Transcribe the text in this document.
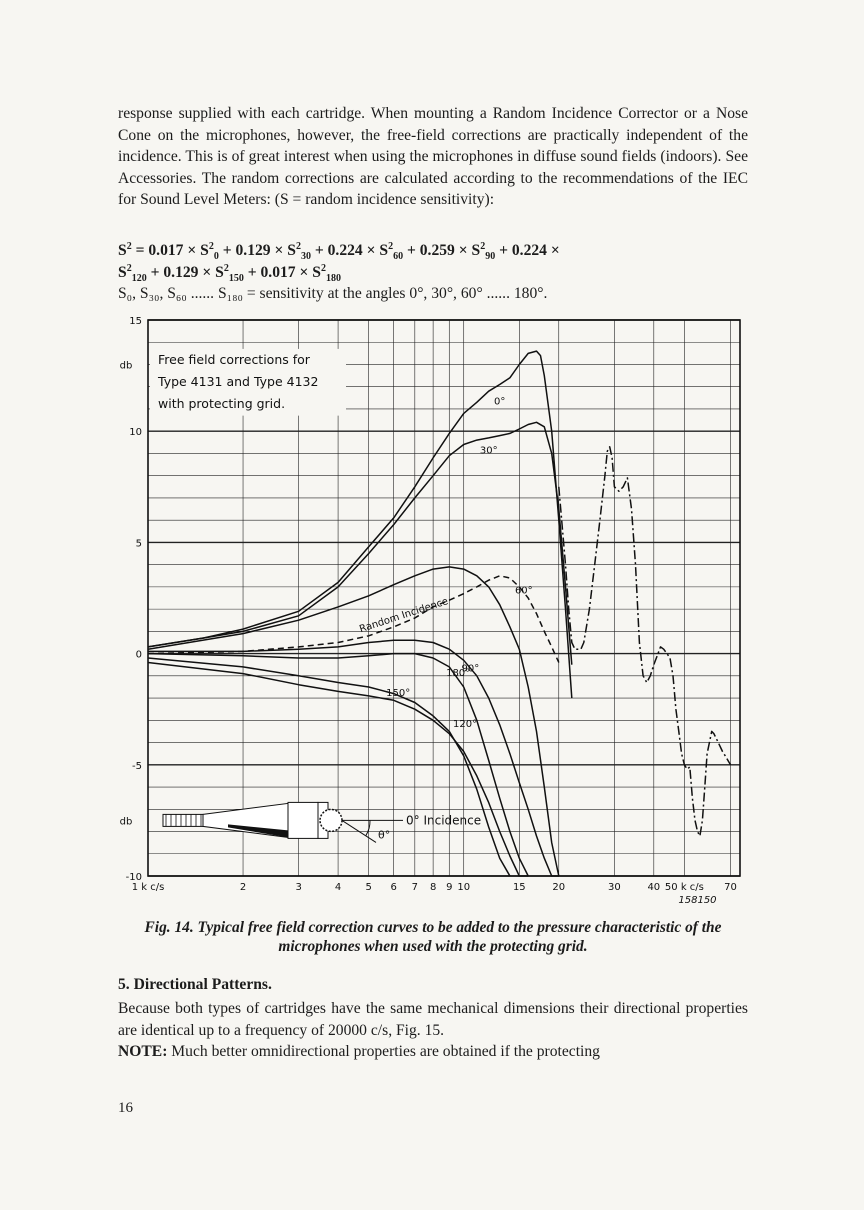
response supplied with each cartridge. When mounting a Random Incidence Corrector or a Nose Cone on the microphones, however, the free-field corrections are practically independent of the incidence. This is of great interest when using the microphones in diffuse sound fields (indoors). See Accessories. The random corrections are calculated according to the recommendations of the IEC for Sound Level Meters: (S = random incidence sensitivity):

$S^2 = 0.017 \times S^2_0 + 0.129 \times S^2_{30} + 0.224 \times S^2_{60} + 0.259 \times S^2_{90} + 0.224$ ×
$S^2_{120} + 0.129 \times S^2_{150} + 0.017 \times S^2_{180}$
S₀, S₃₀, S₆₀ ...... S₁₈₀ = sensitivity at the angles 0°, 30°, 60° ...... 180°.
15
10
5
0
-5
-10
1 k c/s	2	3	4 5 6 7 8 9 10	15	20	30	40 50 k c/s 70
db
db
158150
Free field corrections for
Type 4131 and Type 4132
with protecting grid.	0°
30°
Random Incidence
60°
90°
180°
150°
120°
0° Incidence
θ°

Fig. 14. Typical free field correction curves to be added to the pressure characteristic of the microphones when used with the protecting grid.

5. Directional Patterns.

Because both types of cartridges have the same mechanical dimensions their directional properties are identical up to a frequency of 20000 c/s, Fig. 15.
NOTE: Much better omnidirectional properties are obtained if the protecting

16
